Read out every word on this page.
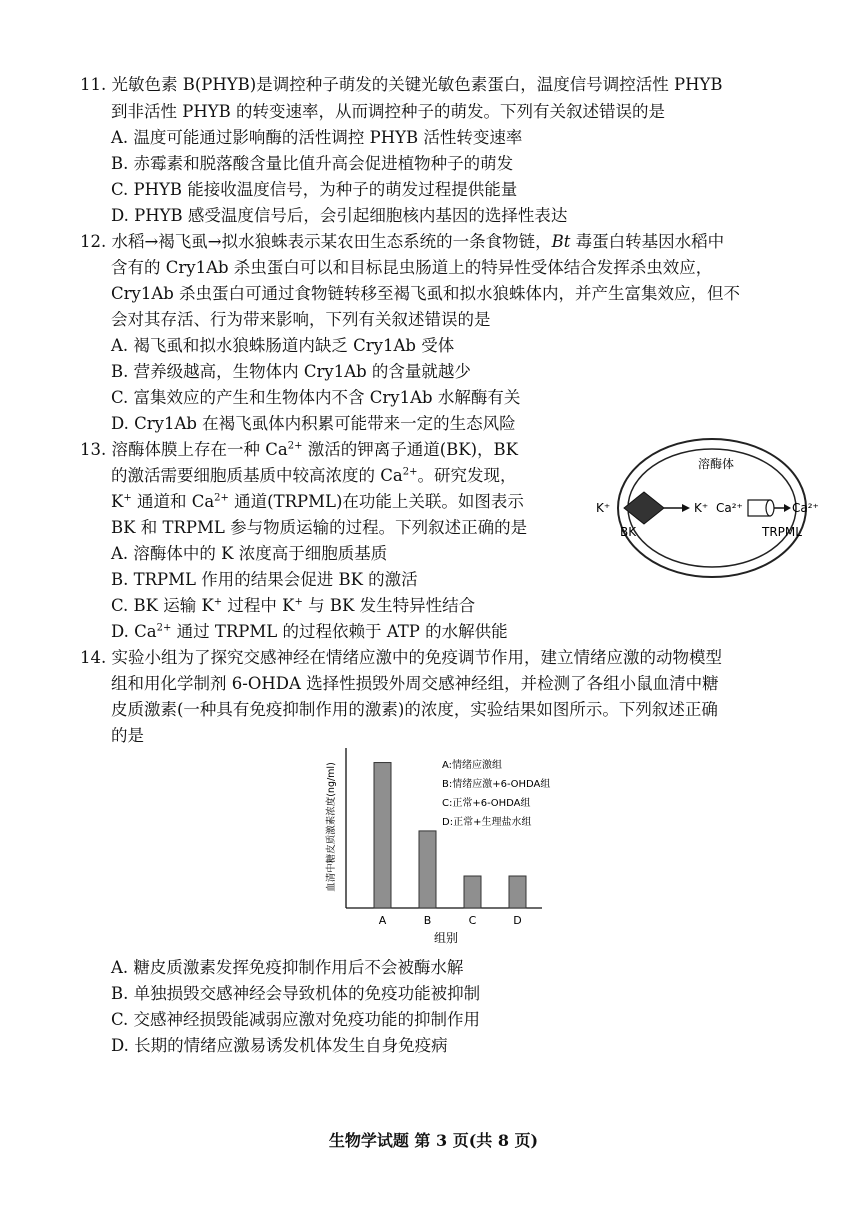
11. 光敏色素 B(PHYB)是调控种子萌发的关键光敏色素蛋白，温度信号调控活性 PHYB
到非活性 PHYB 的转变速率，从而调控种子的萌发。下列有关叙述错误的是
A. 温度可能通过影响酶的活性调控 PHYB 活性转变速率
B. 赤霉素和脱落酸含量比值升高会促进植物种子的萌发
C. PHYB 能接收温度信号，为种子的萌发过程提供能量
D. PHYB 感受温度信号后，会引起细胞核内基因的选择性表达
12. 水稻→褐飞虱→拟水狼蛛表示某农田生态系统的一条食物链，Bt 毒蛋白转基因水稻中
含有的 Cry1Ab 杀虫蛋白可以和目标昆虫肠道上的特异性受体结合发挥杀虫效应，
Cry1Ab 杀虫蛋白可通过食物链转移至褐飞虱和拟水狼蛛体内，并产生富集效应，但不
会对其存活、行为带来影响，下列有关叙述错误的是
A. 褐飞虱和拟水狼蛛肠道内缺乏 Cry1Ab 受体
B. 营养级越高，生物体内 Cry1Ab 的含量就越少
C. 富集效应的产生和生物体内不含 Cry1Ab 水解酶有关
D. Cry1Ab 在褐飞虱体内积累可能带来一定的生态风险
13. 溶酶体膜上存在一种 $Ca^{2+}$ 激活的钾离子通道(BK)，BK
的激活需要细胞质基质中较高浓度的 $Ca^{2+}$。研究发现，
K+ 通道和 $Ca^{2+}$ 通道(TRPML)在功能上关联。如图表示
BK 和 TRPML 参与物质运输的过程。下列叙述正确的是
A. 溶酶体中的 K 浓度高于细胞质基质
B. TRPML 作用的结果会促进 BK 的激活
C. BK 运输 K+ 过程中 K+ 与 BK 发生特异性结合
D. $Ca^{2+}$ 通过 TRPML 的过程依赖于 ATP 的水解供能
溶酶体
K⁺
BK
K⁺ Ca²⁺	Ca²⁺
TRPML
14. 实验小组为了探究交感神经在情绪应激中的免疫调节作用，建立情绪应激的动物模型
组和用化学制剂 6-OHDA 选择性损毁外周交感神经组，并检测了各组小鼠血清中糖
皮质激素(一种具有免疫抑制作用的激素)的浓度，实验结果如图所示。下列叙述正确
的是
血清中糖皮质激素浓度(ng/ml)
A	B	C	D
A:情绪应激组
B:情绪应激+6-OHDA组
C:正常+6-OHDA组
D:正常+生理盐水组
组别
A. 糖皮质激素发挥免疫抑制作用后不会被酶水解
B. 单独损毁交感神经会导致机体的免疫功能被抑制
C. 交感神经损毁能减弱应激对免疫功能的抑制作用
D. 长期的情绪应激易诱发机体发生自身免疫病
生物学试题 第 3 页(共 8 页)
